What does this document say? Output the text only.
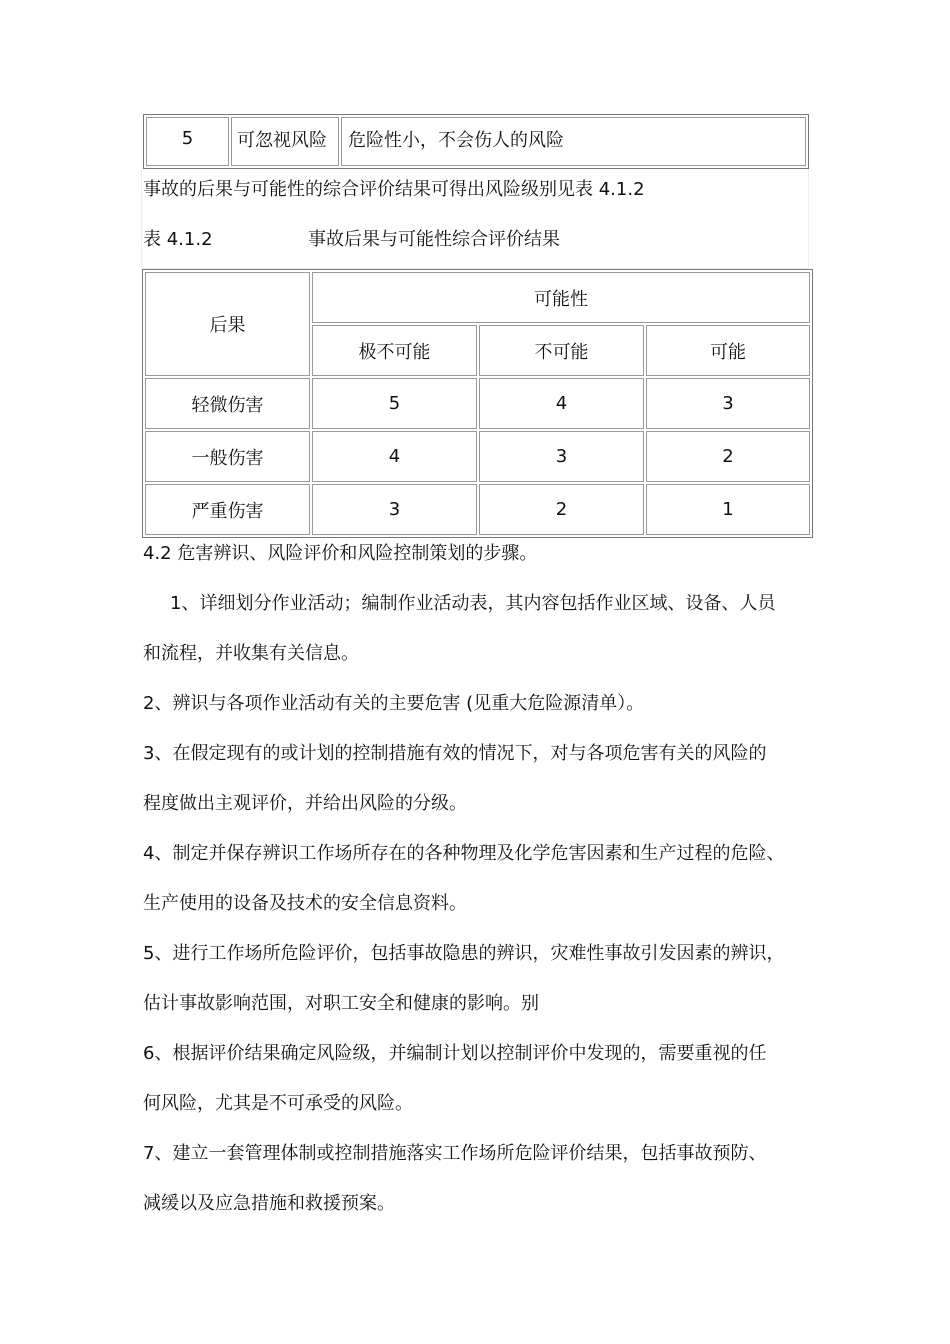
5	可忽视风险	危险性小，不会伤人的风险
事故的后果与可能性的综合评价结果可得出风险级别见表 4.1.2
表 4.1.2	事故后果与可能性综合评价结果
后果	可能性		
	极不可能	不可能	可能
轻微伤害	5	4	3
一般伤害	4	3	2
严重伤害	3	2	1

4.2 危害辨识、风险评价和风险控制策划的步骤。

1、详细划分作业活动；编制作业活动表，其内容包括作业区域、设备、人员

和流程，并收集有关信息。

2、辨识与各项作业活动有关的主要危害 (见重大危险源清单）。

3、在假定现有的或计划的控制措施有效的情况下，对与各项危害有关的风险的

程度做出主观评价，并给出风险的分级。

4、制定并保存辨识工作场所存在的各种物理及化学危害因素和生产过程的危险、

生产使用的设备及技术的安全信息资料。

5、进行工作场所危险评价，包括事故隐患的辨识，灾难性事故引发因素的辨识，

估计事故影响范围，对职工安全和健康的影响。别

6、根据评价结果确定风险级，并编制计划以控制评价中发现的，需要重视的任

何风险，尤其是不可承受的风险。

7、建立一套管理体制或控制措施落实工作场所危险评价结果，包括事故预防、

减缓以及应急措施和救援预案。
